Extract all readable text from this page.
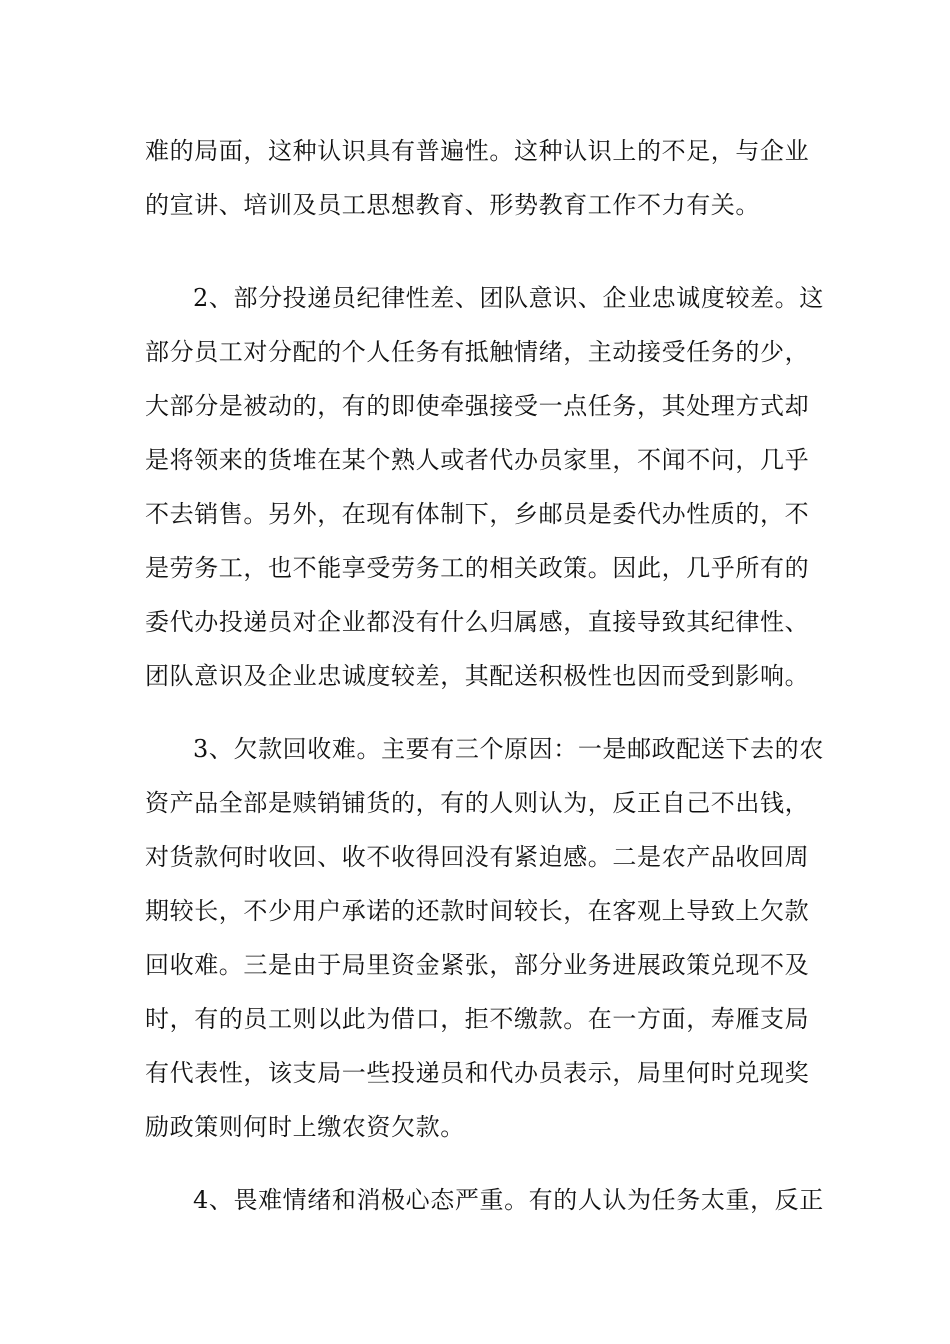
难的局面，这种认识具有普遍性。这种认识上的不足，与企业
的宣讲、培训及员工思想教育、形势教育工作不力有关。
2、部分投递员纪律性差、团队意识、企业忠诚度较差。这
部分员工对分配的个人任务有抵触情绪，主动接受任务的少，
大部分是被动的，有的即使牵强接受一点任务，其处理方式却
是将领来的货堆在某个熟人或者代办员家里，不闻不问，几乎
不去销售。另外，在现有体制下，乡邮员是委代办性质的，不
是劳务工，也不能享受劳务工的相关政策。因此，几乎所有的
委代办投递员对企业都没有什么归属感，直接导致其纪律性、
团队意识及企业忠诚度较差，其配送积极性也因而受到影响。
3、欠款回收难。主要有三个原因：一是邮政配送下去的农
资产品全部是赎销铺货的，有的人则认为，反正自己不出钱，
对货款何时收回、收不收得回没有紧迫感。二是农产品收回周
期较长，不少用户承诺的还款时间较长，在客观上导致上欠款
回收难。三是由于局里资金紧张，部分业务进展政策兑现不及
时，有的员工则以此为借口，拒不缴款。在一方面，寿雁支局
有代表性，该支局一些投递员和代办员表示，局里何时兑现奖
励政策则何时上缴农资欠款。
4、畏难情绪和消极心态严重。有的人认为任务太重，反正
